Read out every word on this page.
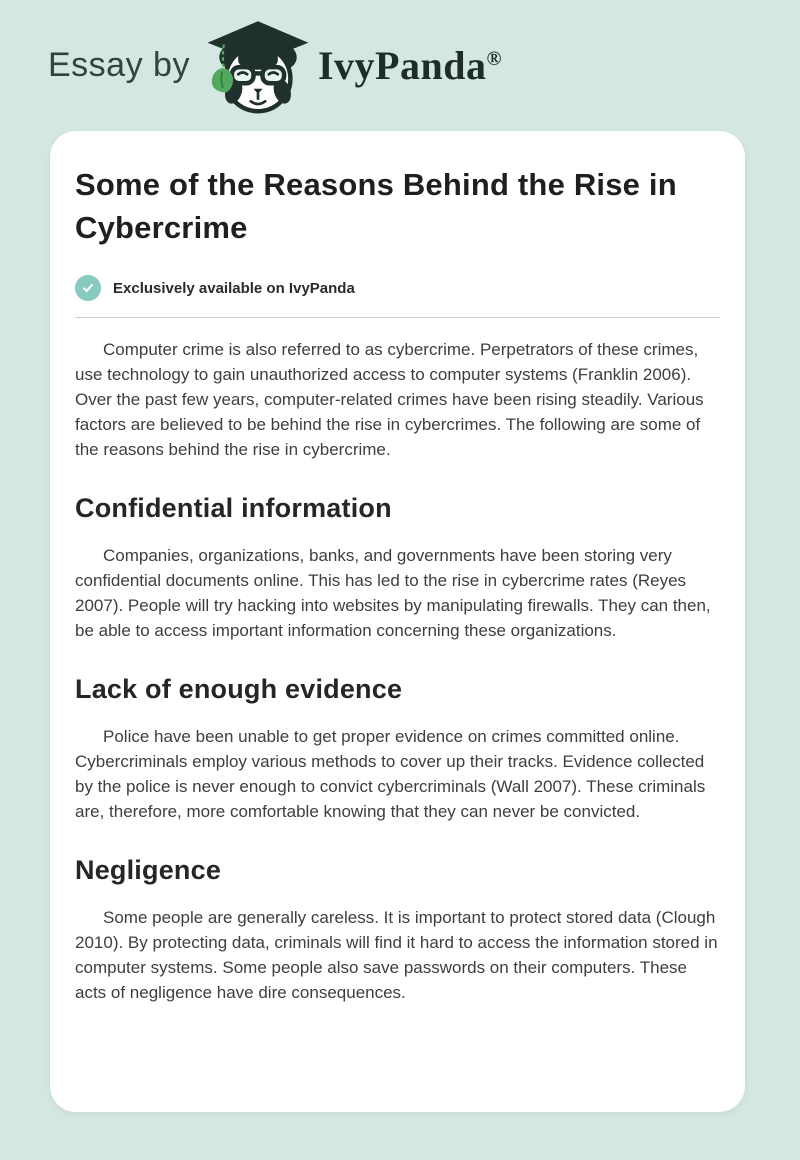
Essay by	IvyPanda®
Some of the Reasons Behind the Rise in Cybercrime
Exclusively available on IvyPanda

Computer crime is also referred to as cybercrime. Perpetrators of these crimes, use technology to gain unauthorized access to computer systems (Franklin 2006). Over the past few years, computer-related crimes have been rising steadily. Various factors are believed to be behind the rise in cybercrimes. The following are some of the reasons behind the rise in cybercrime.

Confidential information

Companies, organizations, banks, and governments have been storing very confidential documents online. This has led to the rise in cybercrime rates (Reyes 2007). People will try hacking into websites by manipulating firewalls. They can then, be able to access important information concerning these organizations.

Lack of enough evidence

Police have been unable to get proper evidence on crimes committed online. Cybercriminals employ various methods to cover up their tracks. Evidence collected by the police is never enough to convict cybercriminals (Wall 2007). These criminals are, therefore, more comfortable knowing that they can never be convicted.

Negligence

Some people are generally careless. It is important to protect stored data (Clough 2010). By protecting data, criminals will find it hard to access the information stored in computer systems. Some people also save passwords on their computers. These acts of negligence have dire consequences.
